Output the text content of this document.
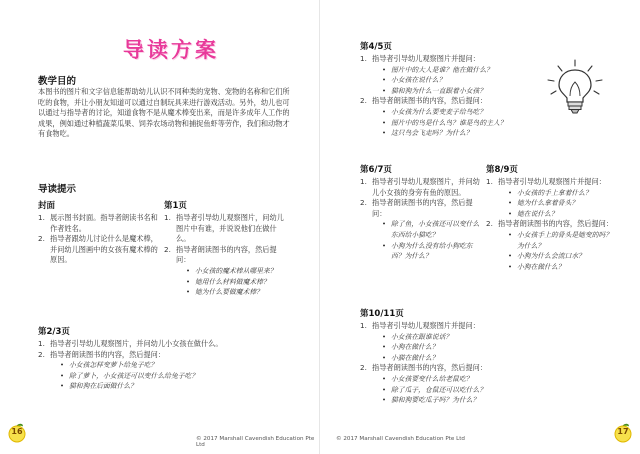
导读方案
教学目的
本图书的图片和文字信息能帮助幼儿认识不同种类的宠物、宠物的名称和它们所吃的食物，并让小朋友知道可以通过自制玩具来进行游戏活动。另外，幼儿也可以通过与指导者的讨论，知道食物不是从魔术棒变出来，而是许多成年人工作的成果，例如通过种植蔬菜瓜果、饲养农场动物和捕捉鱼虾等劳作，我们和动物才有食物吃。
导读提示
封面
1. 展示图书封面。指导者朗读书名和作者姓名。
2. 指导者跟幼儿讨论什么是魔术棒，并问幼儿图画中的女孩有魔术棒的原因。
第1页
1. 指导者引导幼儿观察图片，问幼儿图片中有谁，并说说他们在做什么。
2. 指导者朗读图书的内容，然后提问：
• 小女孩的魔术棒从哪里来？
• 她用什么材料做魔术棒？
• 她为什么要做魔术棒？
第2/3页
1. 指导者引导幼儿观察图片，并问幼儿小女孩在做什么。
2. 指导者朗读图书的内容，然后提问：
• 小女孩怎样变萝卜给兔子吃？
• 除了萝卜，小女孩还可以变什么给兔子吃？
• 猫和狗在后面做什么？
16
© 2017 Marshall Cavendish Education Pte Ltd
第4/5页
1. 指导者引导幼儿观察图片并提问：
• 图片中的大人是谁？他在做什么？
• 小女孩在说什么？
• 猫和狗为什么一直跟着小女孩？
2. 指导者朗读图书的内容，然后提问：
• 小女孩为什么要变麦子给鸟吃？
• 图片中的鸟是什么鸟？谁是鸟的主人？
• 这只鸟会飞走吗？为什么？
第6/7页
1. 指导者引导幼儿观察图片，并问幼儿小女孩的身旁有鱼的原因。
2. 指导者朗读图书的内容，然后提问：
• 除了鱼，小女孩还可以变什么东西给小猫吃？
• 小狗为什么没有给小狗吃东西？为什么？
第8/9页
1. 指导者引导幼儿观察图片并提问：
• 小女孩的手上拿着什么？
• 她为什么拿着骨头？
• 她在说什么？
2. 指导者朗读图书的内容，然后提问：
• 小女孩手上的骨头是她变的吗？为什么？
• 小狗为什么会流口水？
• 小狗在做什么？
第10/11页
1. 指导者引导幼儿观察图片并提问：
• 小女孩在跟谁说话？
• 小狗在做什么？
• 小猫在做什么？
2. 指导者朗读图书的内容，然后提问：
• 小女孩要变什么给老鼠吃？
• 除了瓜子，仓鼠还可以吃什么？
• 猫和狗要吃瓜子吗？为什么？
© 2017 Marshall Cavendish Education Pte Ltd
17
